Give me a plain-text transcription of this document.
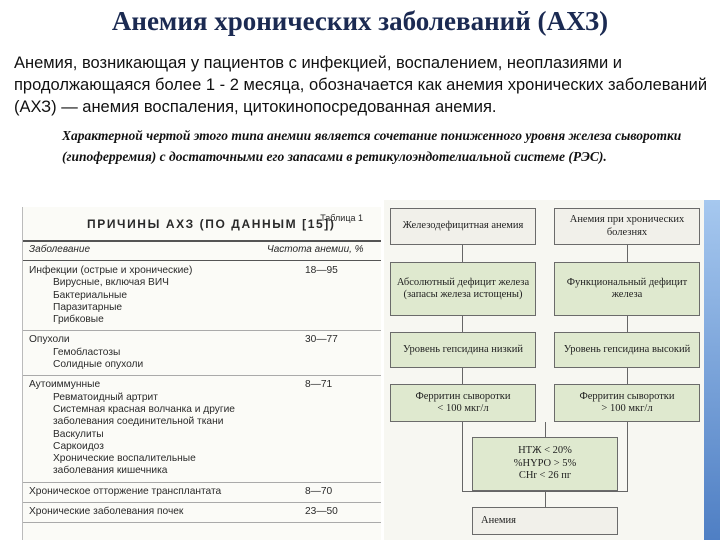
Анемия хронических заболеваний (АХЗ)
Анемия, возникающая у пациентов с инфекцией, воспалением, неоплазиями и продолжающаяся более 1 - 2 месяца, обозначается как анемия хронических заболеваний (АХЗ) — анемия воспаления, цитокинопосредованная анемия.
Характерной чертой этого типа анемии является сочетание пониженного уровня железа сыворотки (гипоферремия) с достаточными его запасами в ретикулоэндотелиальной системе (РЭС).
ПРИЧИНЫ АХЗ (ПО ДАННЫМ [15])
Таблица 1
Заболевание	Частота анемии, %
Инфекции (острые и хронические)	18—95
Вирусные, включая ВИЧ
Бактериальные
Паразитарные
Грибковые
Опухоли	30—77
Гемобластозы
Солидные опухоли
Аутоиммунные	8—71
Ревматоидный артрит
Системная красная волчанка и другие
заболевания соединительной ткани
Васкулиты
Саркоидоз
Хронические воспалительные
заболевания кишечника
Хроническое отторжение трансплантата	8—70
Хронические заболевания почек	23—50
Железодефицитная анемия
Анемия при хронических болезнях
Абсолютный дефицит железа (запасы железа истощены)
Функциональный дефицит железа
Уровень гепсидина низкий	Уровень гепсидина высокий
Ферритин сыворотки
< 100 мкг/л
Ферритин сыворотки
> 100 мкг/л
НТЖ < 20%
%HYPO > 5%
CHr < 26 пг
Анемия
